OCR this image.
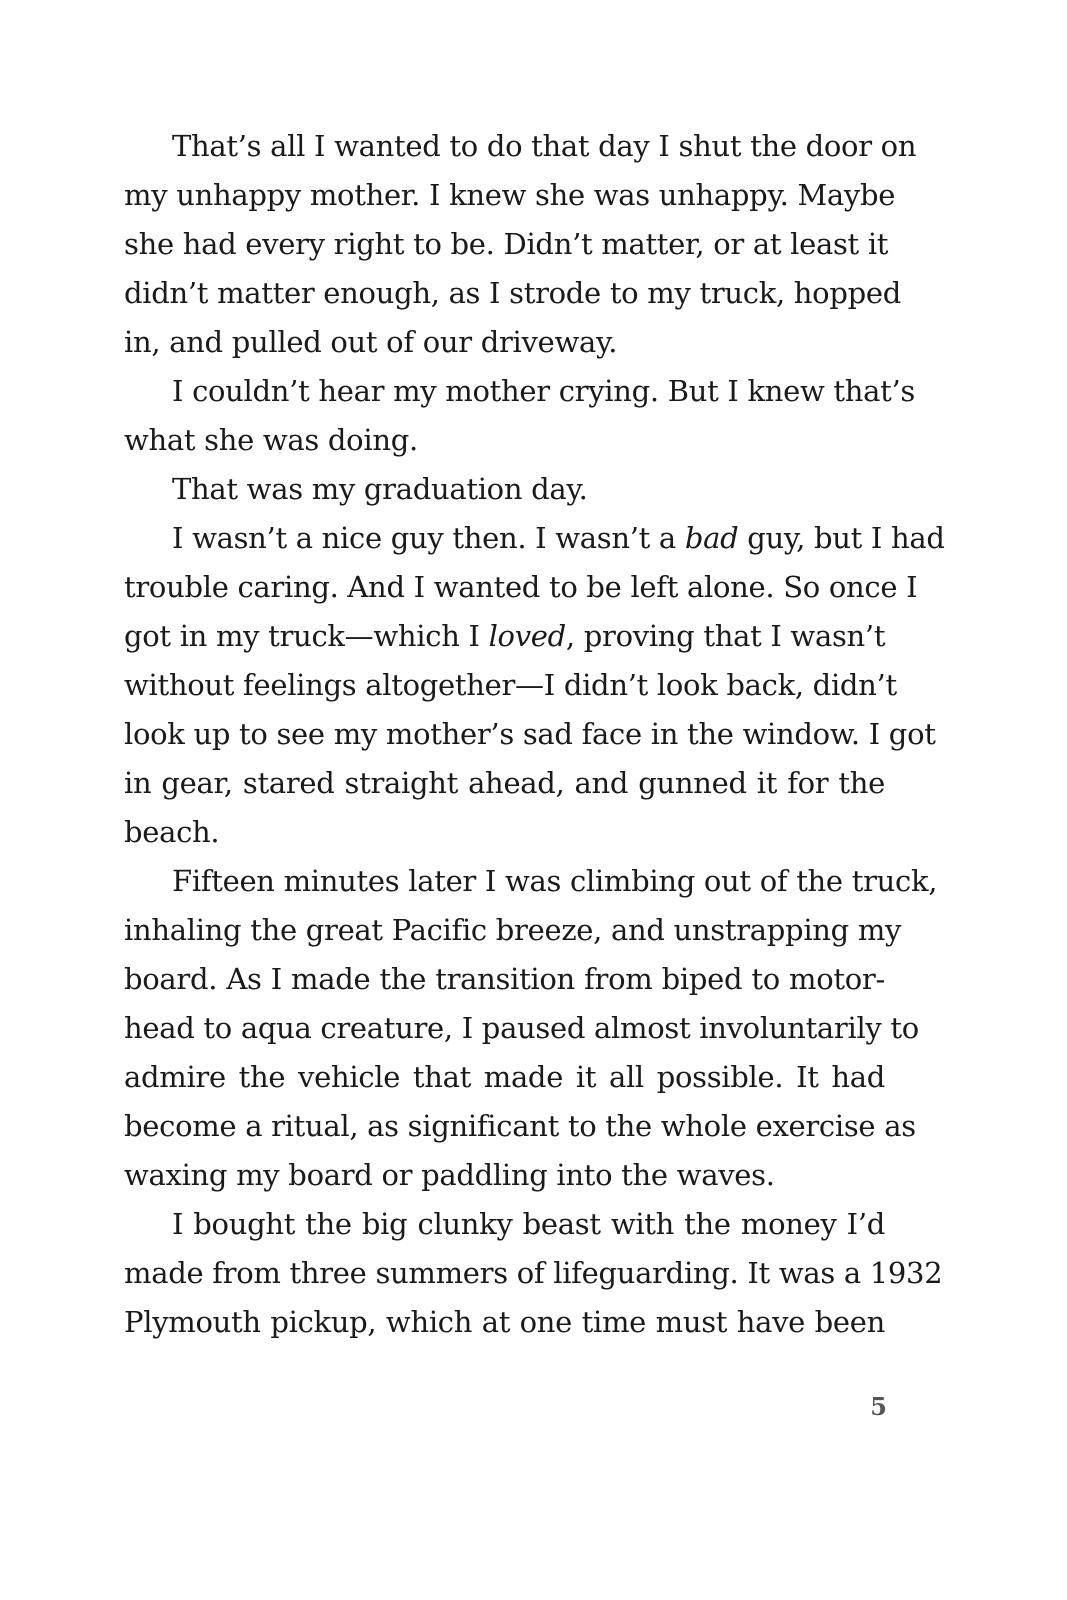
That’s all I wanted to do that day I shut the door on
my unhappy mother. I knew she was unhappy. Maybe
she had every right to be. Didn’t matter, or at least it
didn’t matter enough, as I strode to my truck, hopped
in, and pulled out of our driveway.
I couldn’t hear my mother crying. But I knew that’s
what she was doing.
That was my graduation day.
I wasn’t a nice guy then. I wasn’t a bad guy, but I had
trouble caring. And I wanted to be left alone. So once I
got in my truck—which I loved, proving that I wasn’t
without feelings altogether—I didn’t look back, didn’t
look up to see my mother’s sad face in the window. I got
in gear, stared straight ahead, and gunned it for the
beach.
Fifteen minutes later I was climbing out of the truck,
inhaling the great Pacific breeze, and unstrapping my
board. As I made the transition from biped to motor-
head to aqua creature, I paused almost involuntarily to
admire the vehicle that made it all possible. It had
become a ritual, as significant to the whole exercise as
waxing my board or paddling into the waves.
I bought the big clunky beast with the money I’d
made from three summers of lifeguarding. It was a 1932
Plymouth pickup, which at one time must have been
5
